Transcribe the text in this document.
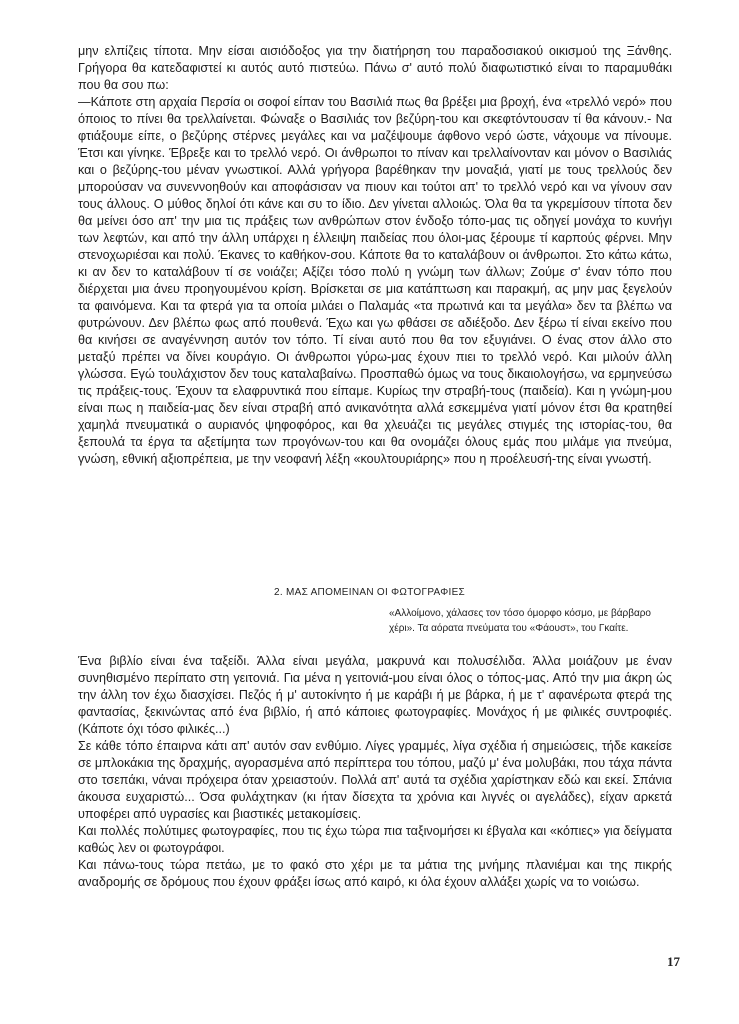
μην ελπίζεις τίποτα. Μην είσαι αισιόδοξος για την διατήρηση του παραδοσιακού οικισμού της Ξάνθης. Γρήγορα θα κατεδαφιστεί κι αυτός αυτό πιστεύω. Πάνω σ' αυτό πολύ διαφωτιστικό είναι το παραμυθάκι που θα σου πω:

—Κάποτε στη αρχαία Περσία οι σοφοί είπαν του Βασιλιά πως θα βρέξει μια βροχή, ένα «τρελλό νερό» που όποιος το πίνει θα τρελλαίνεται. Φώναξε ο Βασιλιάς τον βεζύρη-του και σκεφτόντουσαν τί θα κάνουν.- Να φτιάξουμε είπε, ο βεζύρης στέρνες μεγάλες και να μαζέψουμε άφθονο νερό ώστε, νάχουμε να πίνουμε. Έτσι και γίνηκε. Έβρεξε και το τρελλό νερό. Οι άνθρωποι το πίναν και τρελλαίνονταν και μόνον ο Βασιλιάς και ο βεζύρης-του μέναν γνωστικοί. Αλλά γρήγορα βαρέθηκαν την μοναξιά, γιατί με τους τρελλούς δεν μπορούσαν να συνεννοηθούν και αποφάσισαν να πιουν και τούτοι απ' το τρελλό νερό και να γίνουν σαν τους άλλους. Ο μύθος δηλοί ότι κάνε και συ το ίδιο. Δεν γίνεται αλλοιώς. Όλα θα τα γκρεμίσουν τίποτα δεν θα μείνει όσο απ' την μια τις πράξεις των ανθρώπων στον ένδοξο τόπο-μας τις οδηγεί μονάχα το κυνήγι των λεφτών, και από την άλλη υπάρχει η έλλειψη παιδείας που όλοι-μας ξέρουμε τί καρπούς φέρνει. Μην στενοχωριέσαι και πολύ. Έκανες το καθήκον-σου. Κάποτε θα το καταλάβουν οι άνθρωποι. Στο κάτω κάτω, κι αν δεν το καταλάβουν τί σε νοιάζει; Αξίζει τόσο πολύ η γνώμη των άλλων; Ζούμε σ' έναν τόπο που διέρχεται μια άνευ προηγουμένου κρίση. Βρίσκεται σε μια κατάπτωση και παρακμή, ας μην μας ξεγελούν τα φαινόμενα. Και τα φτερά για τα οποία μιλάει ο Παλαμάς «τα πρωτινά και τα μεγάλα» δεν τα βλέπω να φυτρώνουν. Δεν βλέπω φως από πουθενά. Έχω και γω φθάσει σε αδιέξοδο. Δεν ξέρω τί είναι εκείνο που θα κινήσει σε αναγέννηση αυτόν τον τόπο. Τί είναι αυτό που θα τον εξυγιάνει. Ο ένας στον άλλο στο μεταξύ πρέπει να δίνει κουράγιο. Οι άνθρωποι γύρω-μας έχουν πιει το τρελλό νερό. Και μιλούν άλλη γλώσσα. Εγώ τουλάχιστον δεν τους καταλαβαίνω. Προσπαθώ όμως να τους δικαιολογήσω, να ερμηνεύσω τις πράξεις-τους. Έχουν τα ελαφρυντικά που είπαμε. Κυρίως την στραβή-τους (παιδεία). Και η γνώμη-μου είναι πως η παιδεία-μας δεν είναι στραβή από ανικανότητα αλλά εσκεμμένα γιατί μόνον έτσι θα κρατηθεί χαμηλά πνευματικά ο αυριανός ψηφοφόρος, και θα χλευάζει τις μεγάλες στιγμές της ιστορίας-του, θα ξεπουλά τα έργα τα αξετίμητα των προγόνων-του και θα ονομάζει όλους εμάς που μιλάμε για πνεύμα, γνώση, εθνική αξιοπρέπεια, με την νεοφανή λέξη «κουλτουριάρης» που η προέλευσή-της είναι γνωστή.

2. ΜΑΣ ΑΠΟΜΕΙΝΑΝ ΟΙ ΦΩΤΟΓΡΑΦΙΕΣ
«Αλλοίμονο, χάλασες τον τόσο όμορφο κόσμο, με βάρβαρο χέρι». Τα αόρατα πνεύματα του «Φάουστ», του Γκαίτε.

Ένα βιβλίο είναι ένα ταξείδι. Άλλα είναι μεγάλα, μακρυνά και πολυσέλιδα. Άλλα μοιάζουν με έναν συνηθισμένο περίπατο στη γειτονιά. Για μένα η γειτονιά-μου είναι όλος ο τόπος-μας. Από την μια άκρη ώς την άλλη τον έχω διασχίσει. Πεζός ή μ' αυτοκίνητο ή με καράβι ή με βάρκα, ή με τ' αφανέρωτα φτερά της φαντασίας, ξεκινώντας από ένα βιβλίο, ή από κάποιες φωτογραφίες. Μονάχος ή με φιλικές συντροφιές. (Κάποτε όχι τόσο φιλικές...)

Σε κάθε τόπο έπαιρνα κάτι απ' αυτόν σαν ενθύμιο. Λίγες γραμμές, λίγα σχέδια ή σημειώσεις, τήδε κακείσε σε μπλοκάκια της δραχμής, αγορασμένα από περίπτερα του τόπου, μαζύ μ' ένα μολυβάκι, που τάχα πάντα στο τσεπάκι, νάναι πρόχειρα όταν χρειαστούν. Πολλά απ' αυτά τα σχέδια χαρίστηκαν εδώ και εκεί. Σπάνια άκουσα ευχαριστώ... Όσα φυλάχτηκαν (κι ήταν δίσεχτα τα χρόνια και λιγνές οι αγελάδες), είχαν αρκετά υποφέρει από υγρασίες και βιαστικές μετακομίσεις.

Και πολλές πολύτιμες φωτογραφίες, που τις έχω τώρα πια ταξινομήσει κι έβγαλα και «κόπιες» για δείγματα καθώς λεν οι φωτογράφοι.

Και πάνω-τους τώρα πετάω, με το φακό στο χέρι με τα μάτια της μνήμης πλανιέμαι και της πικρής αναδρομής σε δρόμους που έχουν φράξει ίσως από καιρό, κι όλα έχουν αλλάξει χωρίς να το νοιώσω.

17
